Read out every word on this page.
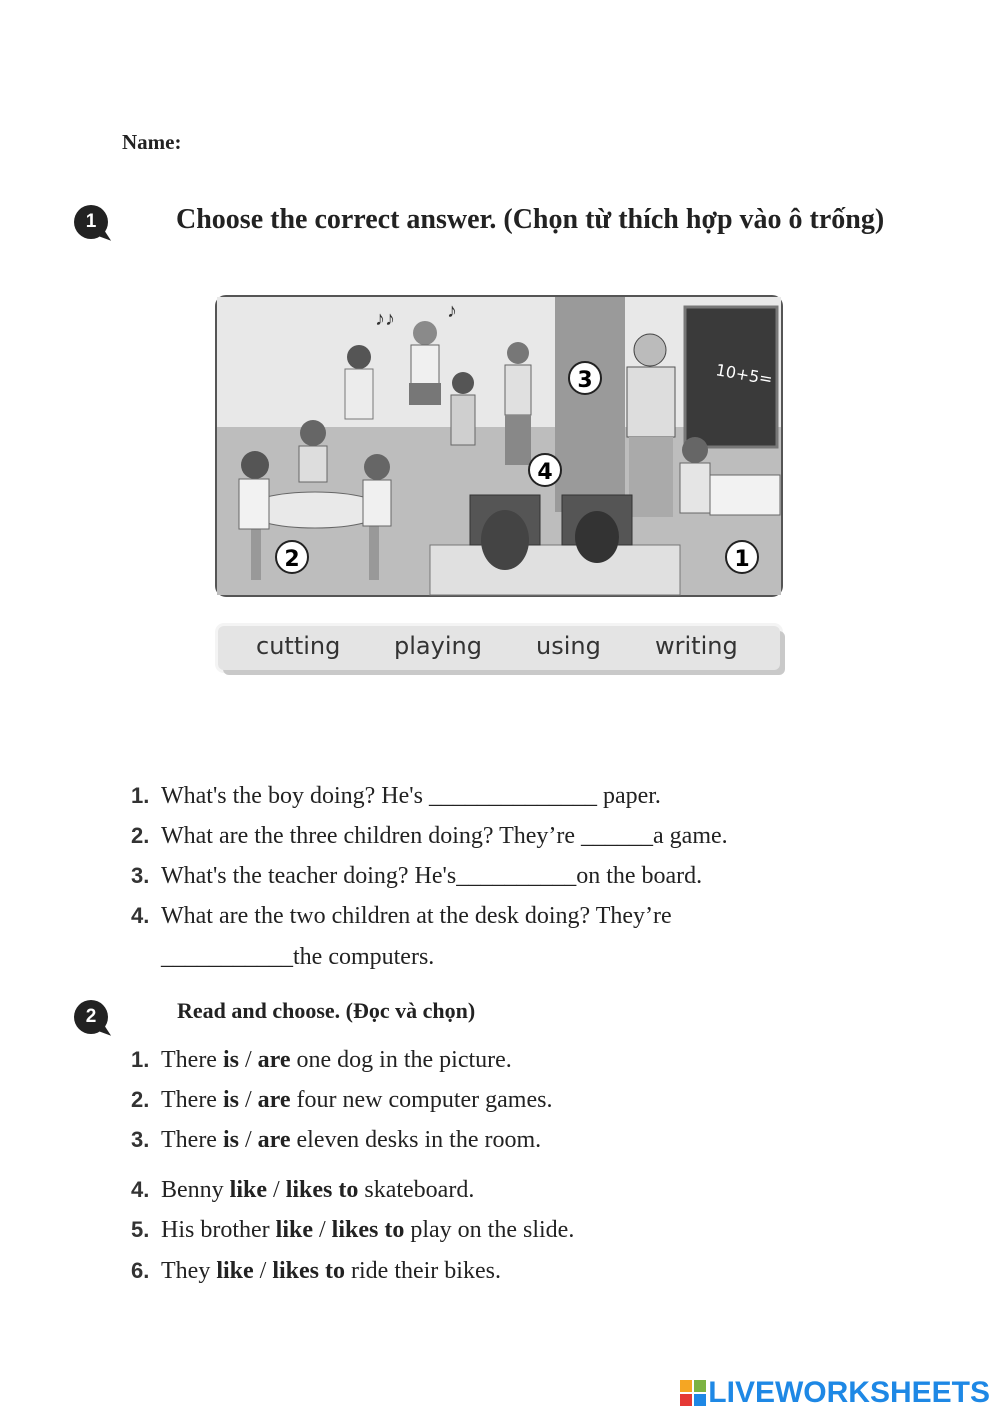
Name:
1	Choose the correct answer. (Chọn từ thích hợp vào ô trống)
10+5=
♪♪	♪
3
4
2	1
cutting playing using writing
1. What's the boy doing? He's ______________ paper.
2. What are the three children doing? They’re ______a game.
3. What's the teacher doing? He's__________on the board.
4. What are the two children at the desk doing? They’re
___________the computers.
2	Read and choose. (Đọc và chọn)
1. There is / are one dog in the picture.
2. There is / are four new computer games.
3. There is / are eleven desks in the room.
4. Benny like / likes to skateboard.
5. His brother like / likes to play on the slide.
6. They like / likes to ride their bikes.
LIVEWORKSHEETS
